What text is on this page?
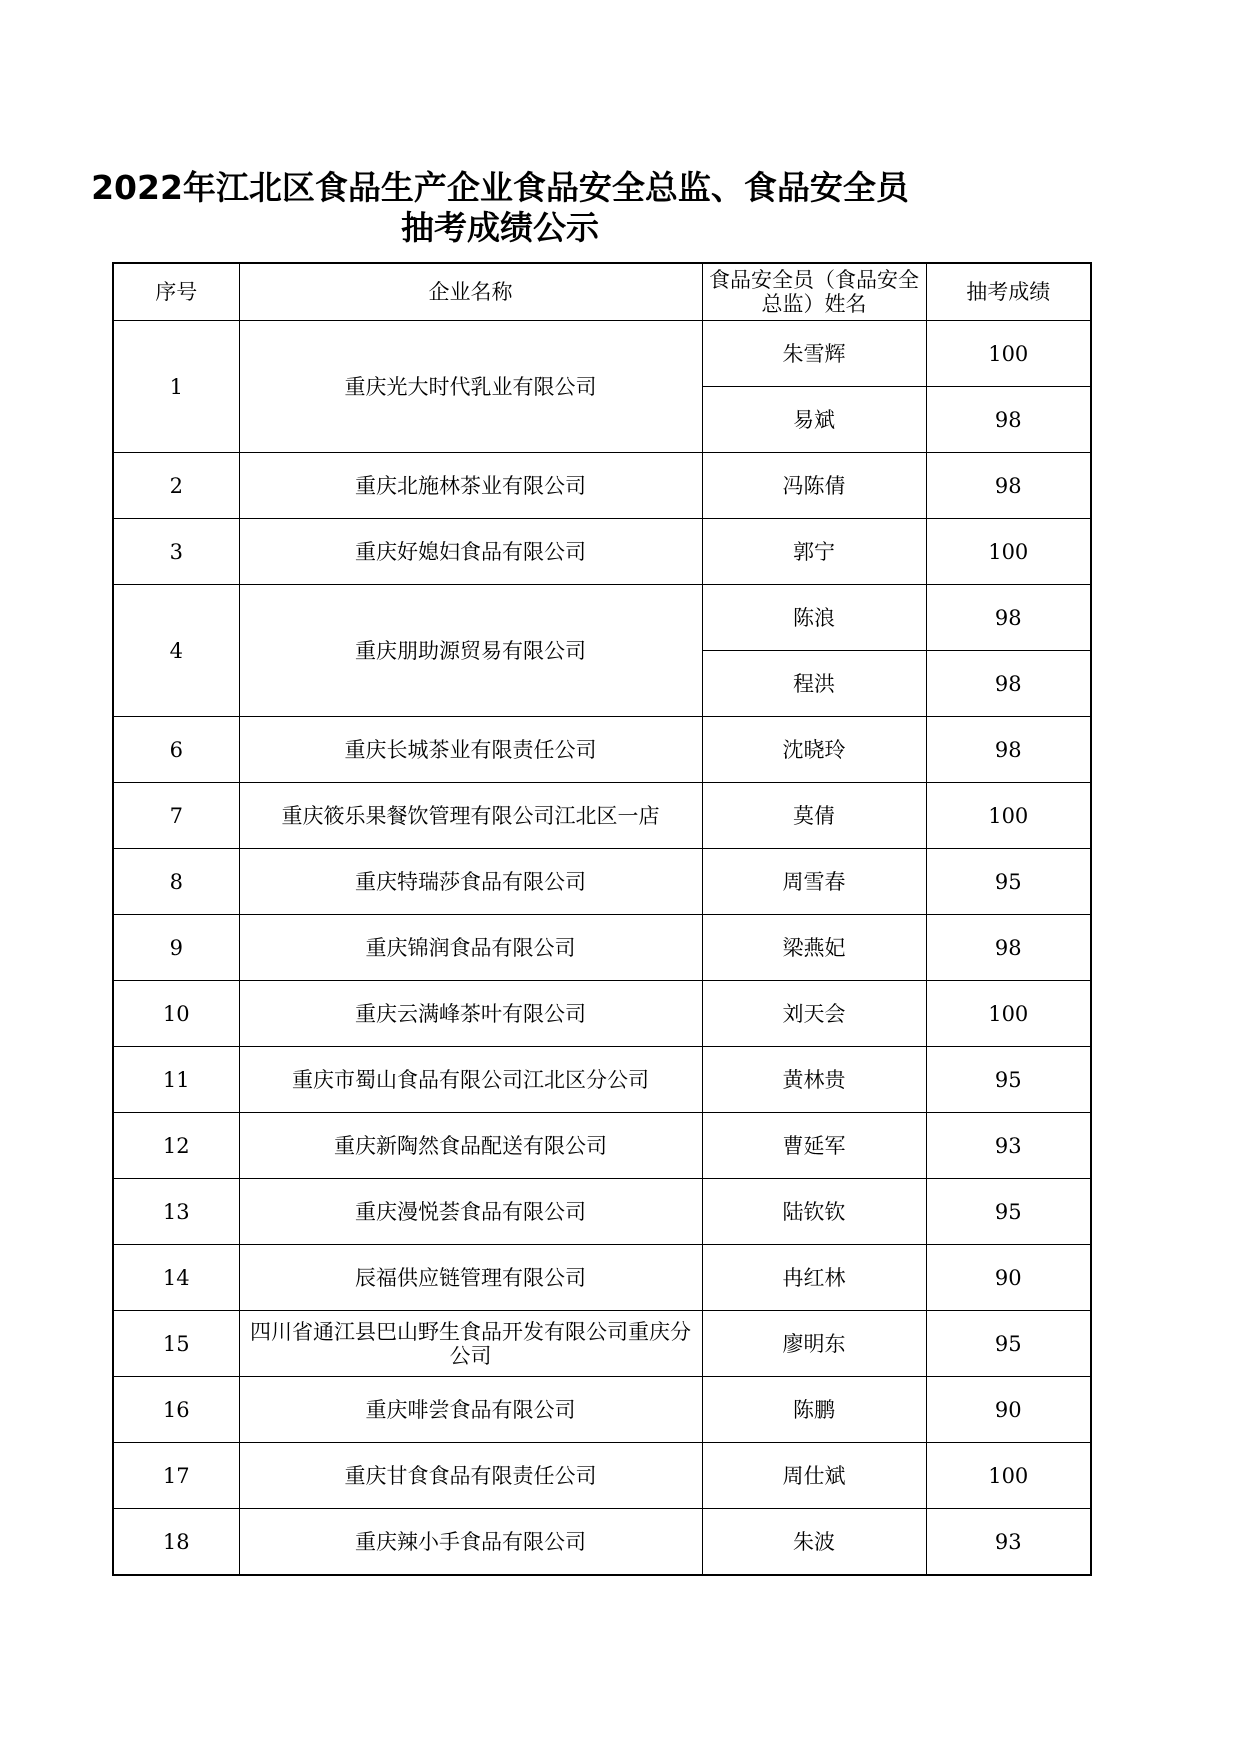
2022年江北区食品生产企业食品安全总监、食品安全员
抽考成绩公示
序号	企业名称	食品安全员（食品安全总监）姓名	抽考成绩
1	重庆光大时代乳业有限公司	朱雪辉	100
		易斌	98
2	重庆北施林茶业有限公司	冯陈倩	98
3	重庆好媳妇食品有限公司	郭宁	100
4	重庆朋助源贸易有限公司	陈浪	98
		程洪	98
6	重庆长城茶业有限责任公司	沈晓玲	98
7	重庆筱乐果餐饮管理有限公司江北区一店	莫倩	100
8	重庆特瑞莎食品有限公司	周雪春	95
9	重庆锦润食品有限公司	梁燕妃	98
10	重庆云满峰茶叶有限公司	刘天会	100
11	重庆市蜀山食品有限公司江北区分公司	黄林贵	95
12	重庆新陶然食品配送有限公司	曹延军	93
13	重庆漫悦荟食品有限公司	陆钦钦	95
14	辰福供应链管理有限公司	冉红林	90
15	四川省通江县巴山野生食品开发有限公司重庆分公司	廖明东	95
16	重庆啡尝食品有限公司	陈鹏	90
17	重庆甘食食品有限责任公司	周仕斌	100
18	重庆辣小手食品有限公司	朱波	93
